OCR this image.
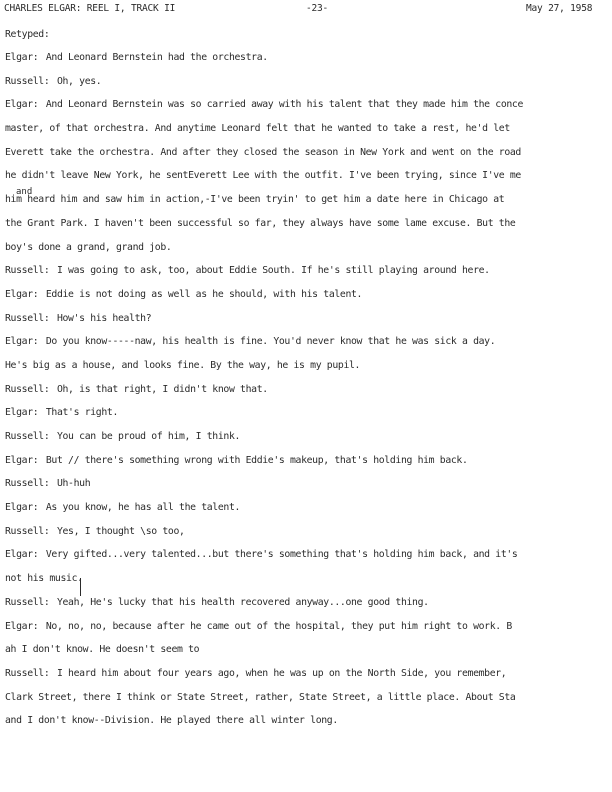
CHARLES ELGAR: REEL I, TRACK II	-23-	May 27, 1958
and
Retyped:
Elgar: And Leonard Bernstein had the orchestra.
Russell: Oh, yes.
Elgar: And Leonard Bernstein was so carried away with his talent that they made him the conce
master, of that orchestra. And anytime Leonard felt that he wanted to take a rest, he'd let
Everett take the orchestra. And after they closed the season in New York and went on the road
he didn't leave New York, he sentEverett Lee with the outfit. I've been trying, since I've me
him heard him and saw him in action,-I've been tryin' to get him a date here in Chicago at
the Grant Park. I haven't been successful so far, they always have some lame excuse. But the
boy's done a grand, grand job.
Russell: I was going to ask, too, about Eddie South. If he's still playing around here.
Elgar: Eddie is not doing as well as he should, with his talent.
Russell: How's his health?
Elgar: Do you know-----naw, his health is fine. You'd never know that he was sick a day.
He's big as a house, and looks fine. By the way, he is my pupil.
Russell: Oh, is that right, I didn't know that.
Elgar: That's right.
Russell: You can be proud of him, I think.
Elgar: But // there's something wrong with Eddie's makeup, that's holding him back.
Russell: Uh-huh
Elgar: As you know, he has all the talent.
Russell: Yes, I thought \so too,
Elgar: Very gifted...very talented...but there's something that's holding him back, and it's
not his music.
Russell: Yeah, He's lucky that his health recovered anyway...one good thing.
Elgar: No, no, no, because after he came out of the hospital, they put him right to work. B
ah I don't know. He doesn't seem to
Russell: I heard him about four years ago, when he was up on the North Side, you remember,
Clark Street, there I think or State Street, rather, State Street, a little place. About Sta
and I don't know--Division. He played there all winter long.
